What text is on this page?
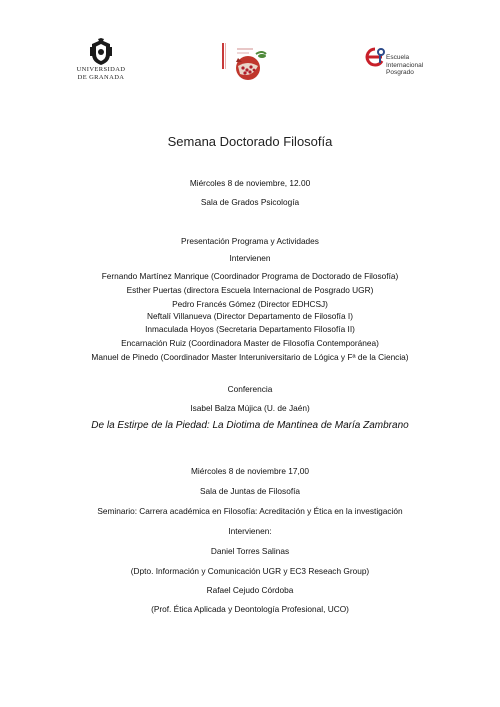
UNIVERSIDAD
DE GRANADA
Escuela
Internacional
Posgrado
Semana Doctorado Filosofía
Miércoles 8 de noviembre, 12.00
Sala de Grados Psicología
Presentación Programa y Actividades
Intervienen
Fernando Martínez Manrique (Coordinador Programa de Doctorado de Filosofía)
Esther Puertas (directora Escuela Internacional de Posgrado UGR)
Pedro Francés Gómez (Director EDHCSJ)
Neftalí Villanueva (Director Departamento de Filosofía I)
Inmaculada Hoyos (Secretaria Departamento Filosofía II)
Encarnación Ruiz (Coordinadora Master de Filosofía Contemporánea)
Manuel de Pinedo (Coordinador Master Interuniversitario de Lógica y Fª de la Ciencia)
Conferencia
Isabel Balza Mújica (U. de Jaén)
De la Estirpe de la Piedad: La Diotima de Mantinea de María Zambrano
Miércoles 8 de noviembre 17,00
Sala de Juntas de Filosofía
Seminario: Carrera académica en Filosofía: Acreditación y Ética en la investigación
Intervienen:
Daniel Torres Salinas
(Dpto. Información y Comunicación UGR y EC3 Reseach Group)
Rafael Cejudo Córdoba
(Prof. Ética Aplicada y Deontología Profesional, UCO)
